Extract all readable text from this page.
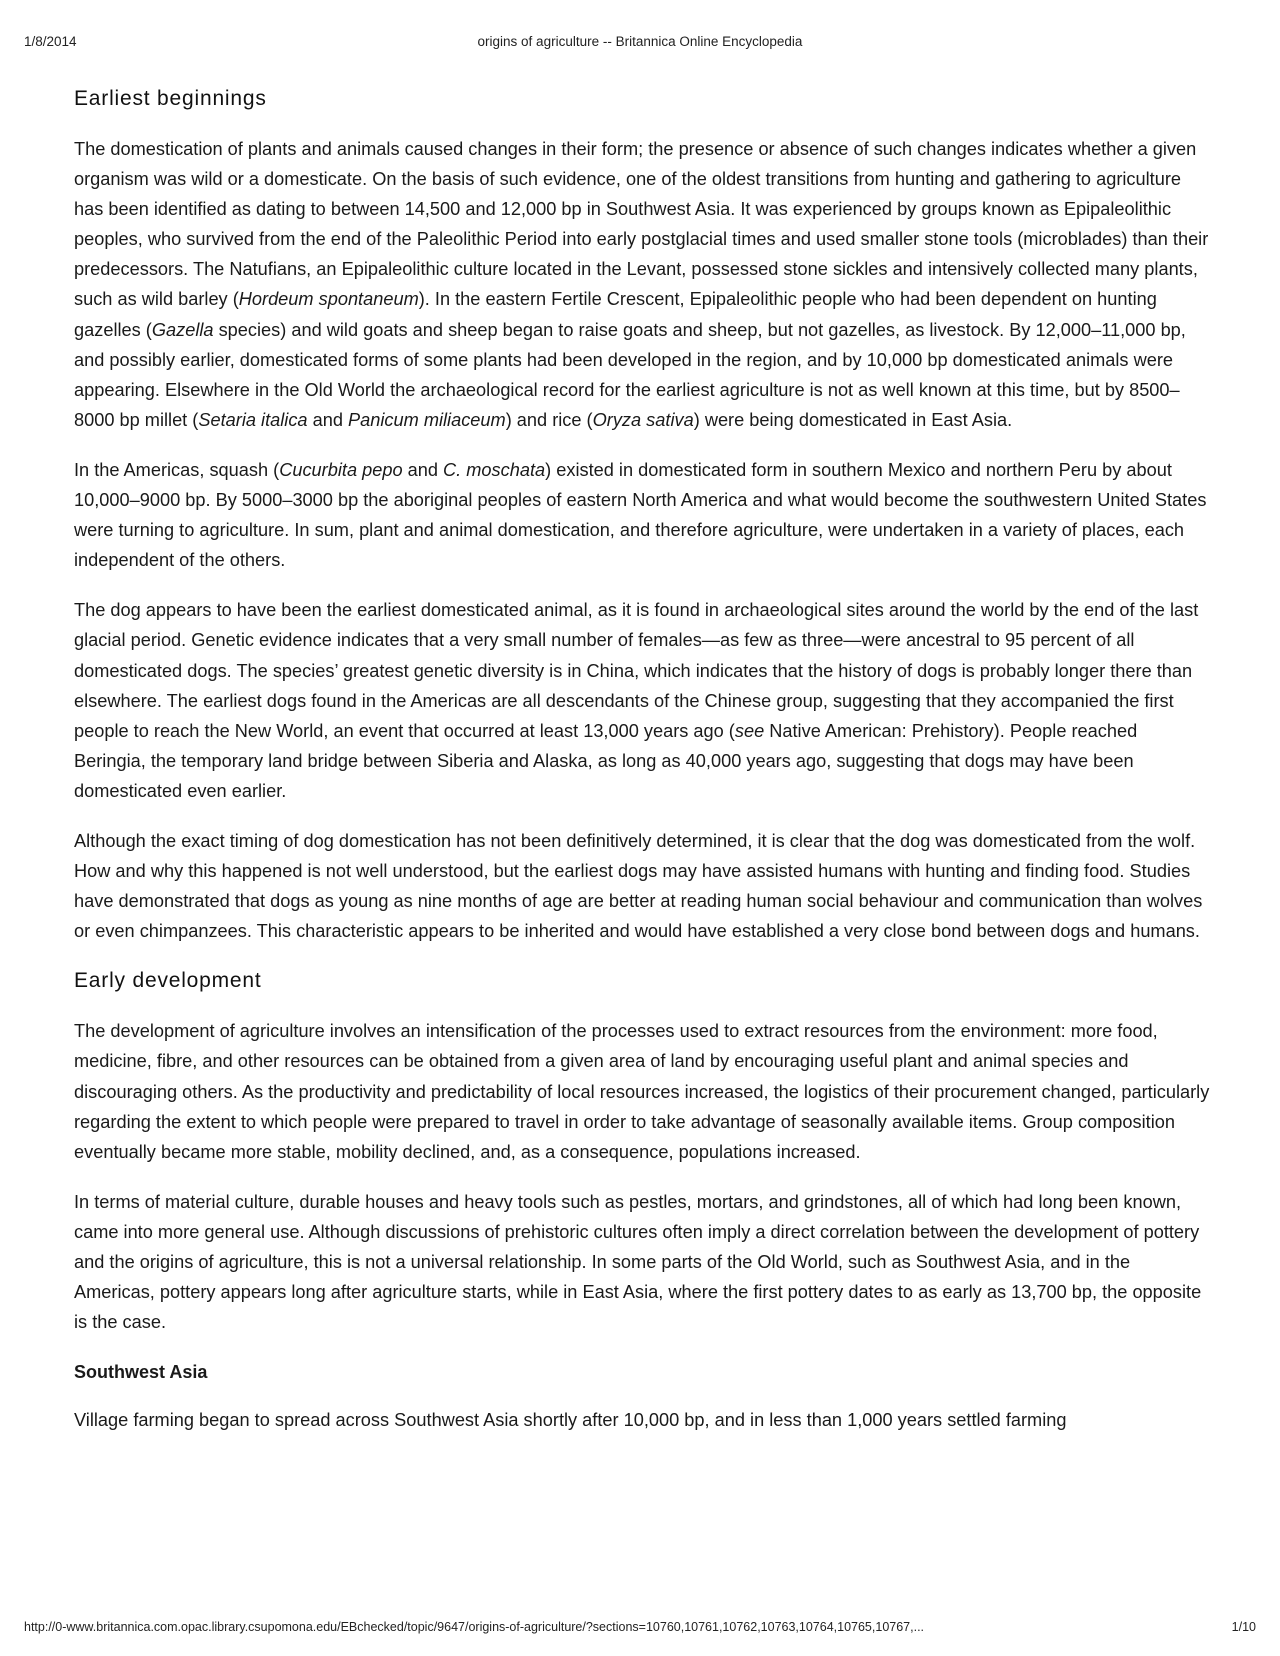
1/8/2014	origins of agriculture -- Britannica Online Encyclopedia
Earliest beginnings

The domestication of plants and animals caused changes in their form; the presence or absence of such changes indicates whether a given organism was wild or a domesticate. On the basis of such evidence, one of the oldest transitions from hunting and gathering to agriculture has been identified as dating to between 14,500 and 12,000 bp in Southwest Asia. It was experienced by groups known as Epipaleolithic peoples, who survived from the end of the Paleolithic Period into early postglacial times and used smaller stone tools (microblades) than their predecessors. The Natufians, an Epipaleolithic culture located in the Levant, possessed stone sickles and intensively collected many plants, such as wild barley (Hordeum spontaneum). In the eastern Fertile Crescent, Epipaleolithic people who had been dependent on hunting gazelles (Gazella species) and wild goats and sheep began to raise goats and sheep, but not gazelles, as livestock. By 12,000–11,000 bp, and possibly earlier, domesticated forms of some plants had been developed in the region, and by 10,000 bp domesticated animals were appearing. Elsewhere in the Old World the archaeological record for the earliest agriculture is not as well known at this time, but by 8500–8000 bp millet (Setaria italica and Panicum miliaceum) and rice (Oryza sativa) were being domesticated in East Asia.

In the Americas, squash (Cucurbita pepo and C. moschata) existed in domesticated form in southern Mexico and northern Peru by about 10,000–9000 bp. By 5000–3000 bp the aboriginal peoples of eastern North America and what would become the southwestern United States were turning to agriculture. In sum, plant and animal domestication, and therefore agriculture, were undertaken in a variety of places, each independent of the others.

The dog appears to have been the earliest domesticated animal, as it is found in archaeological sites around the world by the end of the last glacial period. Genetic evidence indicates that a very small number of females—as few as three—were ancestral to 95 percent of all domesticated dogs. The species’ greatest genetic diversity is in China, which indicates that the history of dogs is probably longer there than elsewhere. The earliest dogs found in the Americas are all descendants of the Chinese group, suggesting that they accompanied the first people to reach the New World, an event that occurred at least 13,000 years ago (see Native American: Prehistory). People reached Beringia, the temporary land bridge between Siberia and Alaska, as long as 40,000 years ago, suggesting that dogs may have been domesticated even earlier.

Although the exact timing of dog domestication has not been definitively determined, it is clear that the dog was domesticated from the wolf. How and why this happened is not well understood, but the earliest dogs may have assisted humans with hunting and finding food. Studies have demonstrated that dogs as young as nine months of age are better at reading human social behaviour and communication than wolves or even chimpanzees. This characteristic appears to be inherited and would have established a very close bond between dogs and humans.

Early development

The development of agriculture involves an intensification of the processes used to extract resources from the environment: more food, medicine, fibre, and other resources can be obtained from a given area of land by encouraging useful plant and animal species and discouraging others. As the productivity and predictability of local resources increased, the logistics of their procurement changed, particularly regarding the extent to which people were prepared to travel in order to take advantage of seasonally available items. Group composition eventually became more stable, mobility declined, and, as a consequence, populations increased.

In terms of material culture, durable houses and heavy tools such as pestles, mortars, and grindstones, all of which had long been known, came into more general use. Although discussions of prehistoric cultures often imply a direct correlation between the development of pottery and the origins of agriculture, this is not a universal relationship. In some parts of the Old World, such as Southwest Asia, and in the Americas, pottery appears long after agriculture starts, while in East Asia, where the first pottery dates to as early as 13,700 bp, the opposite is the case.

Southwest Asia

Village farming began to spread across Southwest Asia shortly after 10,000 bp, and in less than 1,000 years settled farming

http://0-www.britannica.com.opac.library.csupomona.edu/EBchecked/topic/9647/origins-of-agriculture/?sections=10760,10761,10762,10763,10764,10765,10767,...	1/10
